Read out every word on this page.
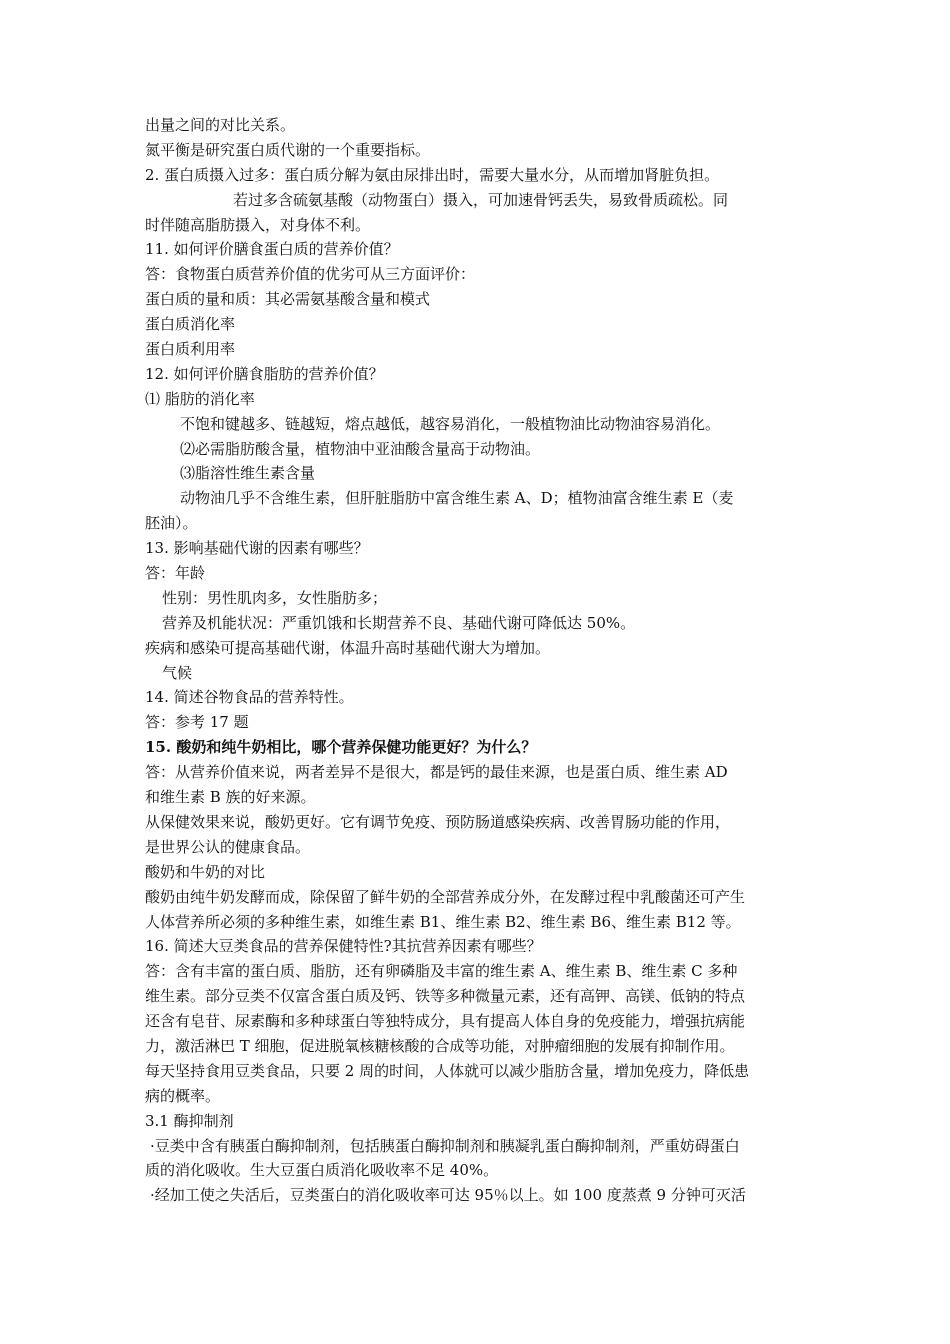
出量之间的对比关系。
氮平衡是研究蛋白质代谢的一个重要指标。
2. 蛋白质摄入过多：蛋白质分解为氨由尿排出时，需要大量水分，从而增加肾脏负担。
若过多含硫氨基酸（动物蛋白）摄入，可加速骨钙丢失，易致骨质疏松。同
时伴随高脂肪摄入，对身体不利。
11. 如何评价膳食蛋白质的营养价值？
答：食物蛋白质营养价值的优劣可从三方面评价：
蛋白质的量和质：其必需氨基酸含量和模式
蛋白质消化率
蛋白质利用率
12. 如何评价膳食脂肪的营养价值？
⑴ 脂肪的消化率
不饱和键越多、链越短，熔点越低，越容易消化，一般植物油比动物油容易消化。
⑵必需脂肪酸含量，植物油中亚油酸含量高于动物油。
⑶脂溶性维生素含量
动物油几乎不含维生素，但肝脏脂肪中富含维生素 A、D；植物油富含维生素 E（麦
胚油）。
13. 影响基础代谢的因素有哪些？
答：年龄
性别：男性肌肉多，女性脂肪多；
营养及机能状况：严重饥饿和长期营养不良、基础代谢可降低达 50%。
疾病和感染可提高基础代谢，体温升高时基础代谢大为增加。
气候
14. 简述谷物食品的营养特性。
答：参考 17 题
15. 酸奶和纯牛奶相比，哪个营养保健功能更好？为什么？
答：从营养价值来说，两者差异不是很大，都是钙的最佳来源，也是蛋白质、维生素 AD
和维生素 B 族的好来源。
从保健效果来说，酸奶更好。它有调节免疫、预防肠道感染疾病、改善胃肠功能的作用，
是世界公认的健康食品。
酸奶和牛奶的对比
酸奶由纯牛奶发酵而成，除保留了鲜牛奶的全部营养成分外，在发酵过程中乳酸菌还可产生
人体营养所必须的多种维生素，如维生素 B1、维生素 B2、维生素 B6、维生素 B12 等。
16. 简述大豆类食品的营养保健特性?其抗营养因素有哪些？
答：含有丰富的蛋白质、脂肪，还有卵磷脂及丰富的维生素 A、维生素 B、维生素 C 多种
维生素。部分豆类不仅富含蛋白质及钙、铁等多种微量元素，还有高钾、高镁、低钠的特点
还含有皂苷、尿素酶和多种球蛋白等独特成分，具有提高人体自身的免疫能力，增强抗病能
力，激活淋巴 T 细胞，促进脱氧核糖核酸的合成等功能，对肿瘤细胞的发展有抑制作用。
每天坚持食用豆类食品，只要 2 周的时间，人体就可以减少脂肪含量，增加免疫力，降低患
病的概率。
3.1 酶抑制剂
·豆类中含有胰蛋白酶抑制剂，包括胰蛋白酶抑制剂和胰凝乳蛋白酶抑制剂，严重妨碍蛋白
质的消化吸收。生大豆蛋白质消化吸收率不足 40%。
·经加工使之失活后，豆类蛋白的消化吸收率可达 95％以上。如 100 度蒸煮 9 分钟可灭活
